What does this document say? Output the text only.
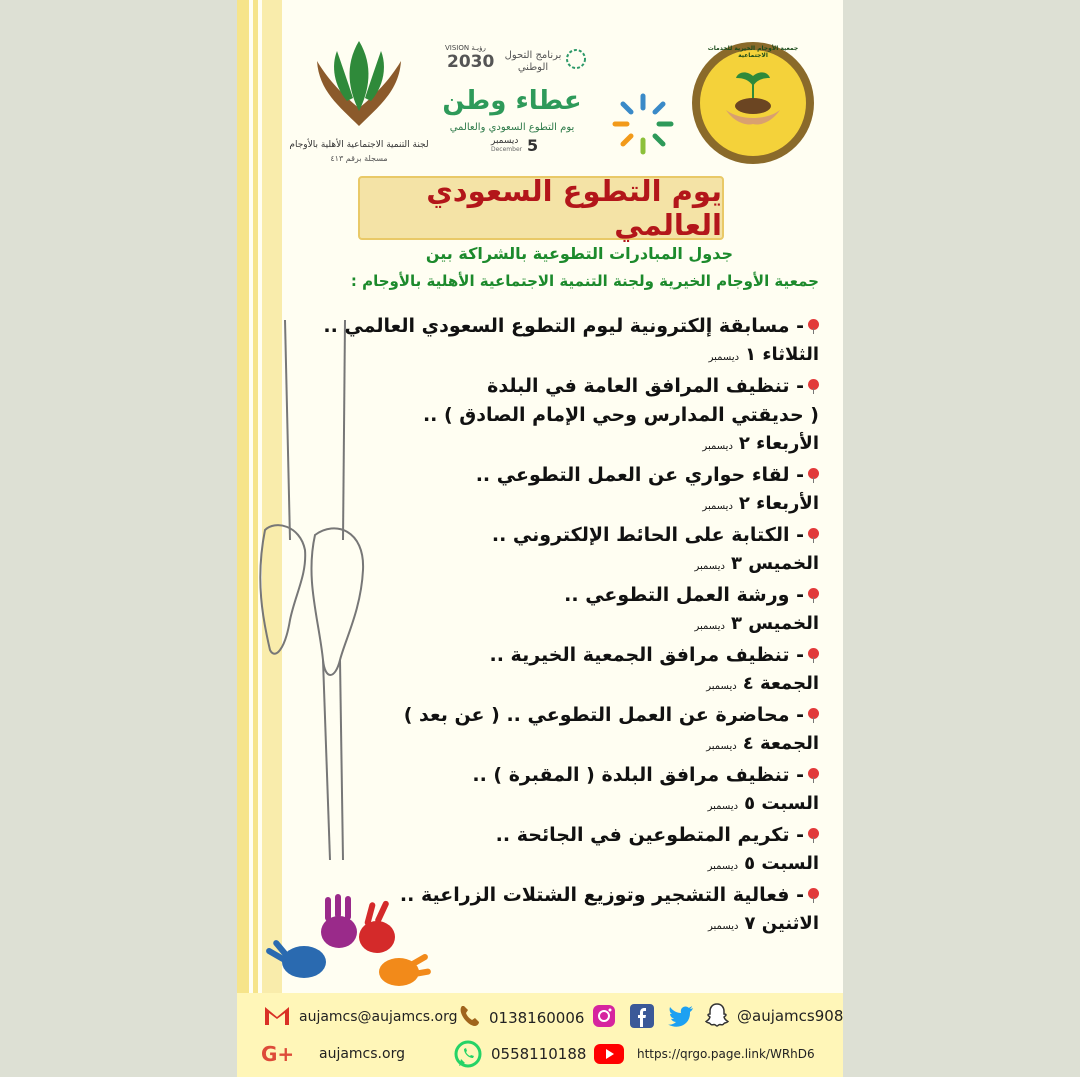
لجنة التنمية الاجتماعية الأهلية بالأوجام
مسجلة برقم ٤١٣
VISION رؤيـة
2030 برنامج التحول الوطني
عطاء وطن
يوم التطوع السعودي والعالمي
5
ديسمبر
December
جمعية الأوجام الخيرية للخدمات الاجتماعية
يوم التطوع السعودي العالمي
جدول المبادرات التطوعية بالشراكة بين
جمعية الأوجام الخيرية ولجنة التنمية الاجتماعية الأهلية بالأوجام :
- مسابقة إلكترونية ليوم التطوع السعودي العالمي ..
الثلاثاء ١ديسمبر
- تنظيف المرافق العامة في البلدة
( حديقتي المدارس وحي الإمام الصادق ) ..
الأربعاء ٢ديسمبر
- لقاء حواري عن العمل التطوعي ..
الأربعاء ٢ديسمبر
- الكتابة على الحائط الإلكتروني ..
الخميس ٣ديسمبر
- ورشة العمل التطوعي ..
الخميس ٣ديسمبر
- تنظيف مرافق الجمعية الخيرية ..
الجمعة ٤ديسمبر
- محاضرة عن العمل التطوعي .. ( عن بعد )
الجمعة ٤ديسمبر
- تنظيف مرافق البلدة ( المقبرة ) ..
السبت ٥ديسمبر
- تكريم المتطوعين في الجائحة ..
السبت ٥ديسمبر
- فعالية التشجير وتوزيع الشتلات الزراعية ..
الاثنين ٧ديسمبر
aujamcs@aujamcs.org 0138160006	@aujamcs908
G+ aujamcs.org	0558110188	https://qrgo.page.link/WRhD6
